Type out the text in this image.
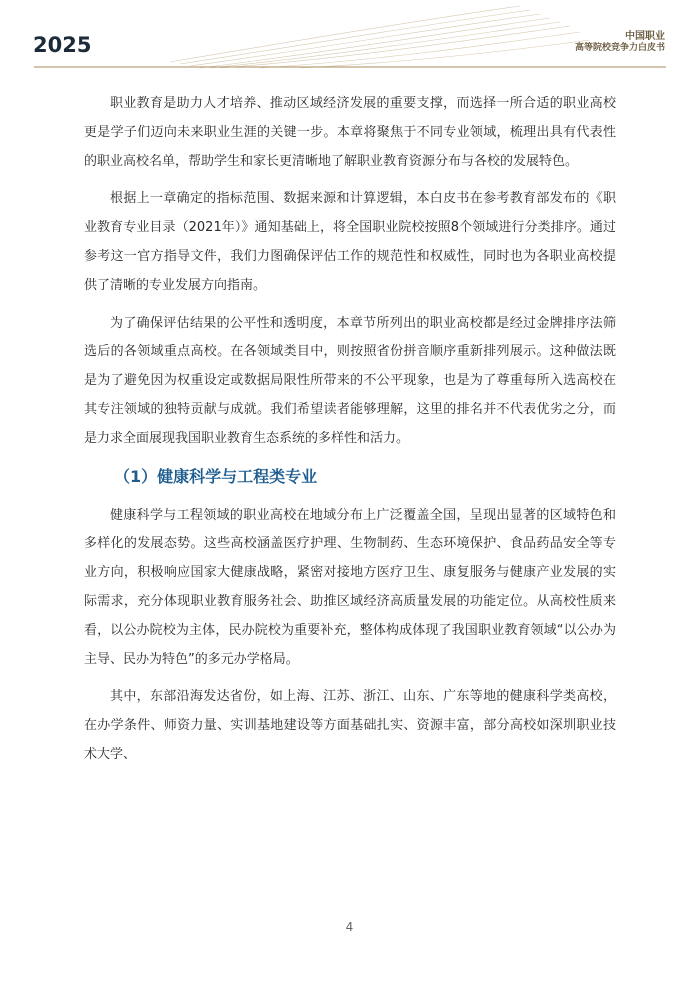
2025	中国职业
高等院校竞争力白皮书

职业教育是助力人才培养、推动区域经济发展的重要支撑，而选择一所合适的职业高校更是学子们迈向未来职业生涯的关键一步。本章将聚焦于不同专业领域，梳理出具有代表性的职业高校名单，帮助学生和家长更清晰地了解职业教育资源分布与各校的发展特色。

根据上一章确定的指标范围、数据来源和计算逻辑，本白皮书在参考教育部发布的《职业教育专业目录（2021年）》通知基础上，将全国职业院校按照8个领域进行分类排序。通过参考这一官方指导文件，我们力图确保评估工作的规范性和权威性，同时也为各职业高校提供了清晰的专业发展方向指南。

为了确保评估结果的公平性和透明度，本章节所列出的职业高校都是经过金牌排序法筛选后的各领域重点高校。在各领域类目中，则按照省份拼音顺序重新排列展示。这种做法既是为了避免因为权重设定或数据局限性所带来的不公平现象，也是为了尊重每所入选高校在其专注领域的独特贡献与成就。我们希望读者能够理解，这里的排名并不代表优劣之分，而是力求全面展现我国职业教育生态系统的多样性和活力。

（1）健康科学与工程类专业

健康科学与工程领域的职业高校在地域分布上广泛覆盖全国，呈现出显著的区域特色和多样化的发展态势。这些高校涵盖医疗护理、生物制药、生态环境保护、食品药品安全等专业方向，积极响应国家大健康战略，紧密对接地方医疗卫生、康复服务与健康产业发展的实际需求，充分体现职业教育服务社会、助推区域经济高质量发展的功能定位。从高校性质来看，以公办院校为主体，民办院校为重要补充，整体构成体现了我国职业教育领域“以公办为主导、民办为特色”的多元办学格局。

其中，东部沿海发达省份，如上海、江苏、浙江、山东、广东等地的健康科学类高校，在办学条件、师资力量、实训基地建设等方面基础扎实、资源丰富，部分高校如深圳职业技术大学、

4
